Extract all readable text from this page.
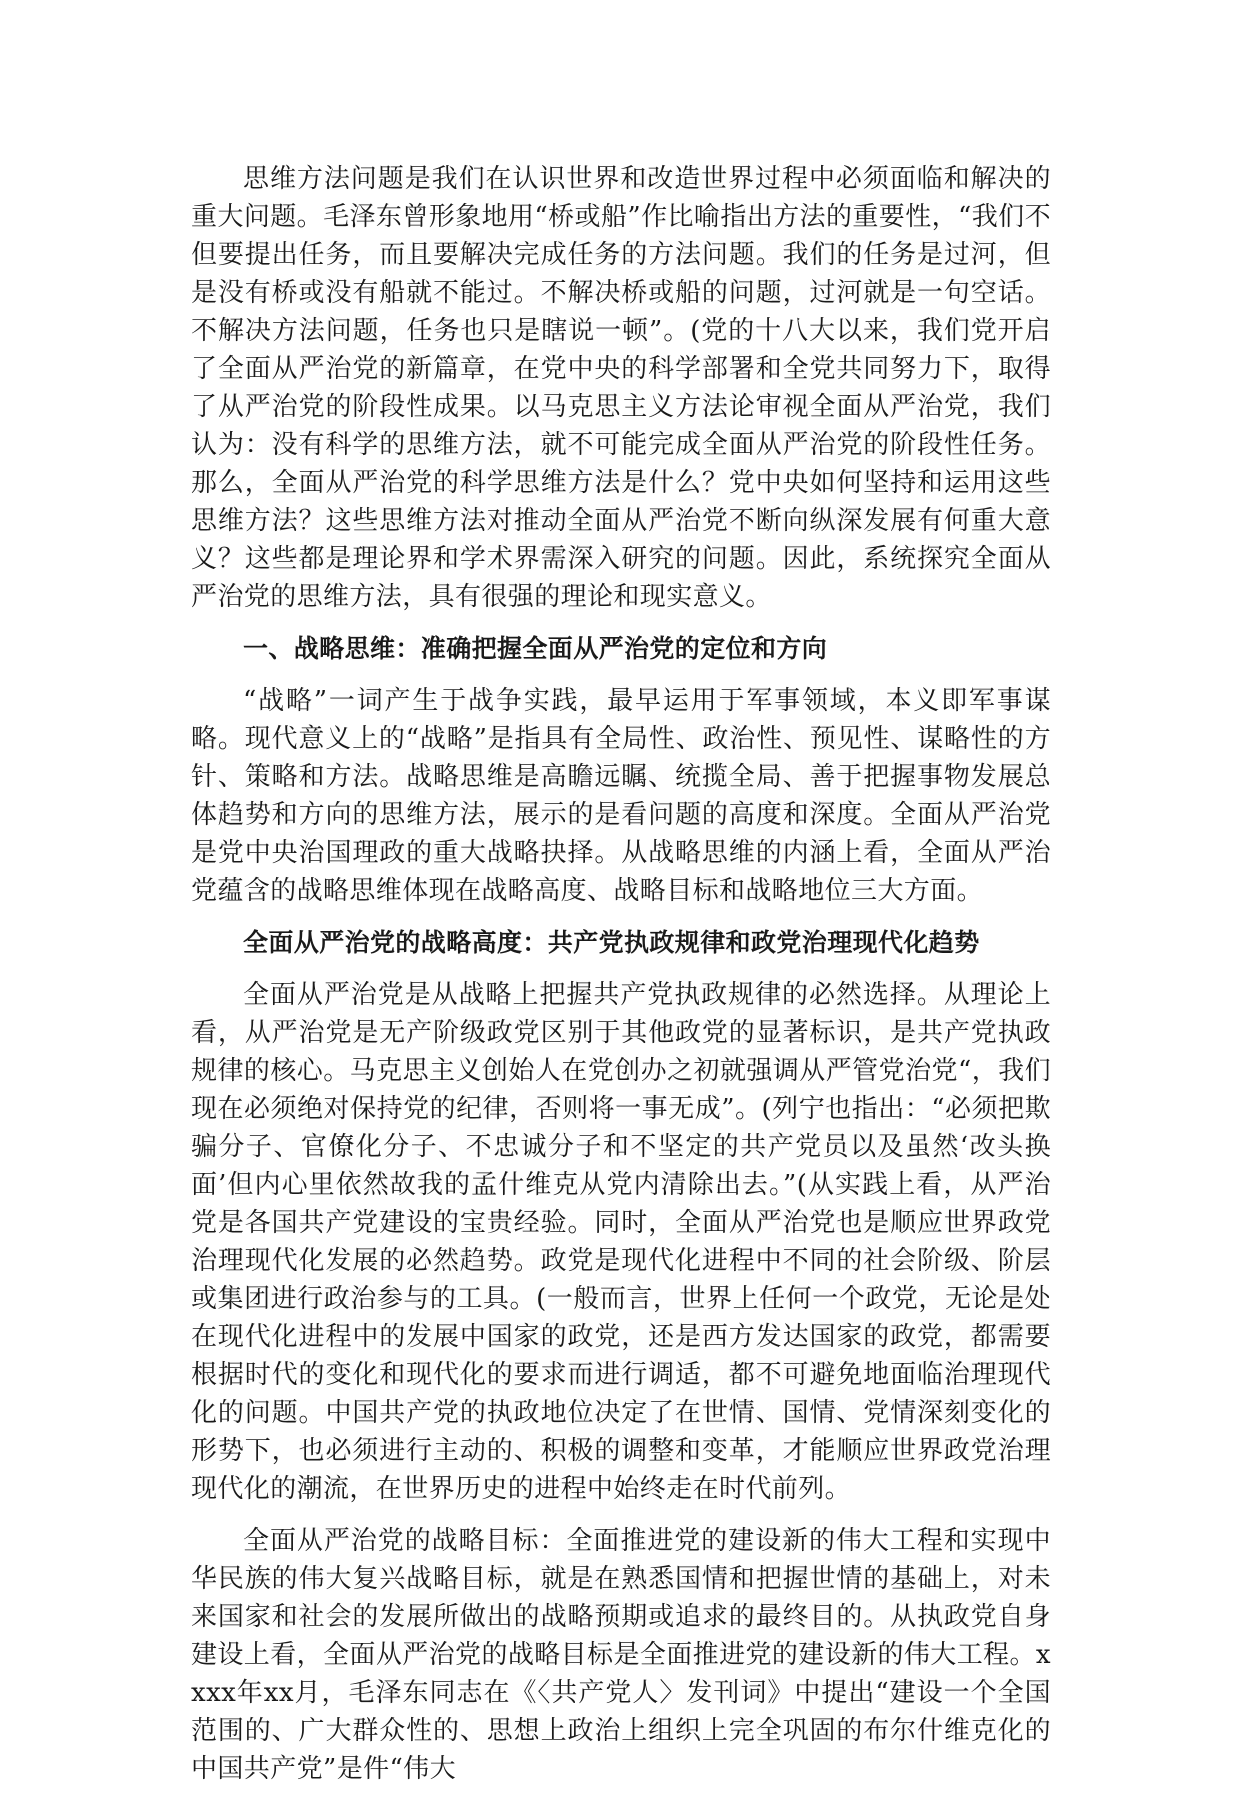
思维方法问题是我们在认识世界和改造世界过程中必须面临和解决的重大问题。毛泽东曾形象地用“桥或船”作比喻指出方法的重要性，“我们不但要提出任务，而且要解决完成任务的方法问题。我们的任务是过河，但是没有桥或没有船就不能过。不解决桥或船的问题，过河就是一句空话。不解决方法问题，任务也只是瞎说一顿”。(党的十八大以来，我们党开启了全面从严治党的新篇章，在党中央的科学部署和全党共同努力下，取得了从严治党的阶段性成果。以马克思主义方法论审视全面从严治党，我们认为：没有科学的思维方法，就不可能完成全面从严治党的阶段性任务。那么，全面从严治党的科学思维方法是什么？党中央如何坚持和运用这些思维方法？这些思维方法对推动全面从严治党不断向纵深发展有何重大意义？这些都是理论界和学术界需深入研究的问题。因此，系统探究全面从严治党的思维方法，具有很强的理论和现实意义。

一、战略思维：准确把握全面从严治党的定位和方向

“战略”一词产生于战争实践，最早运用于军事领域，本义即军事谋略。现代意义上的“战略”是指具有全局性、政治性、预见性、谋略性的方针、策略和方法。战略思维是高瞻远瞩、统揽全局、善于把握事物发展总体趋势和方向的思维方法，展示的是看问题的高度和深度。全面从严治党是党中央治国理政的重大战略抉择。从战略思维的内涵上看，全面从严治党蕴含的战略思维体现在战略高度、战略目标和战略地位三大方面。

全面从严治党的战略高度：共产党执政规律和政党治理现代化趋势

全面从严治党是从战略上把握共产党执政规律的必然选择。从理论上看，从严治党是无产阶级政党区别于其他政党的显著标识，是共产党执政规律的核心。马克思主义创始人在党创办之初就强调从严管党治党“，我们现在必须绝对保持党的纪律，否则将一事无成”。(列宁也指出：“必须把欺骗分子、官僚化分子、不忠诚分子和不坚定的共产党员以及虽然‘改头换面’但内心里依然故我的孟什维克从党内清除出去。”(从实践上看，从严治党是各国共产党建设的宝贵经验。同时，全面从严治党也是顺应世界政党治理现代化发展的必然趋势。政党是现代化进程中不同的社会阶级、阶层或集团进行政治参与的工具。(一般而言，世界上任何一个政党，无论是处在现代化进程中的发展中国家的政党，还是西方发达国家的政党，都需要根据时代的变化和现代化的要求而进行调适，都不可避免地面临治理现代化的问题。中国共产党的执政地位决定了在世情、国情、党情深刻变化的形势下，也必须进行主动的、积极的调整和变革，才能顺应世界政党治理现代化的潮流，在世界历史的进程中始终走在时代前列。

全面从严治党的战略目标：全面推进党的建设新的伟大工程和实现中华民族的伟大复兴战略目标，就是在熟悉国情和把握世情的基础上，对未来国家和社会的发展所做出的战略预期或追求的最终目的。从执政党自身建设上看，全面从严治党的战略目标是全面推进党的建设新的伟大工程。xxxx年xx月，毛泽东同志在《〈共产党人〉发刊词》中提出“建设一个全国范围的、广大群众性的、思想上政治上组织上完全巩固的布尔什维克化的中国共产党”是件“伟大
